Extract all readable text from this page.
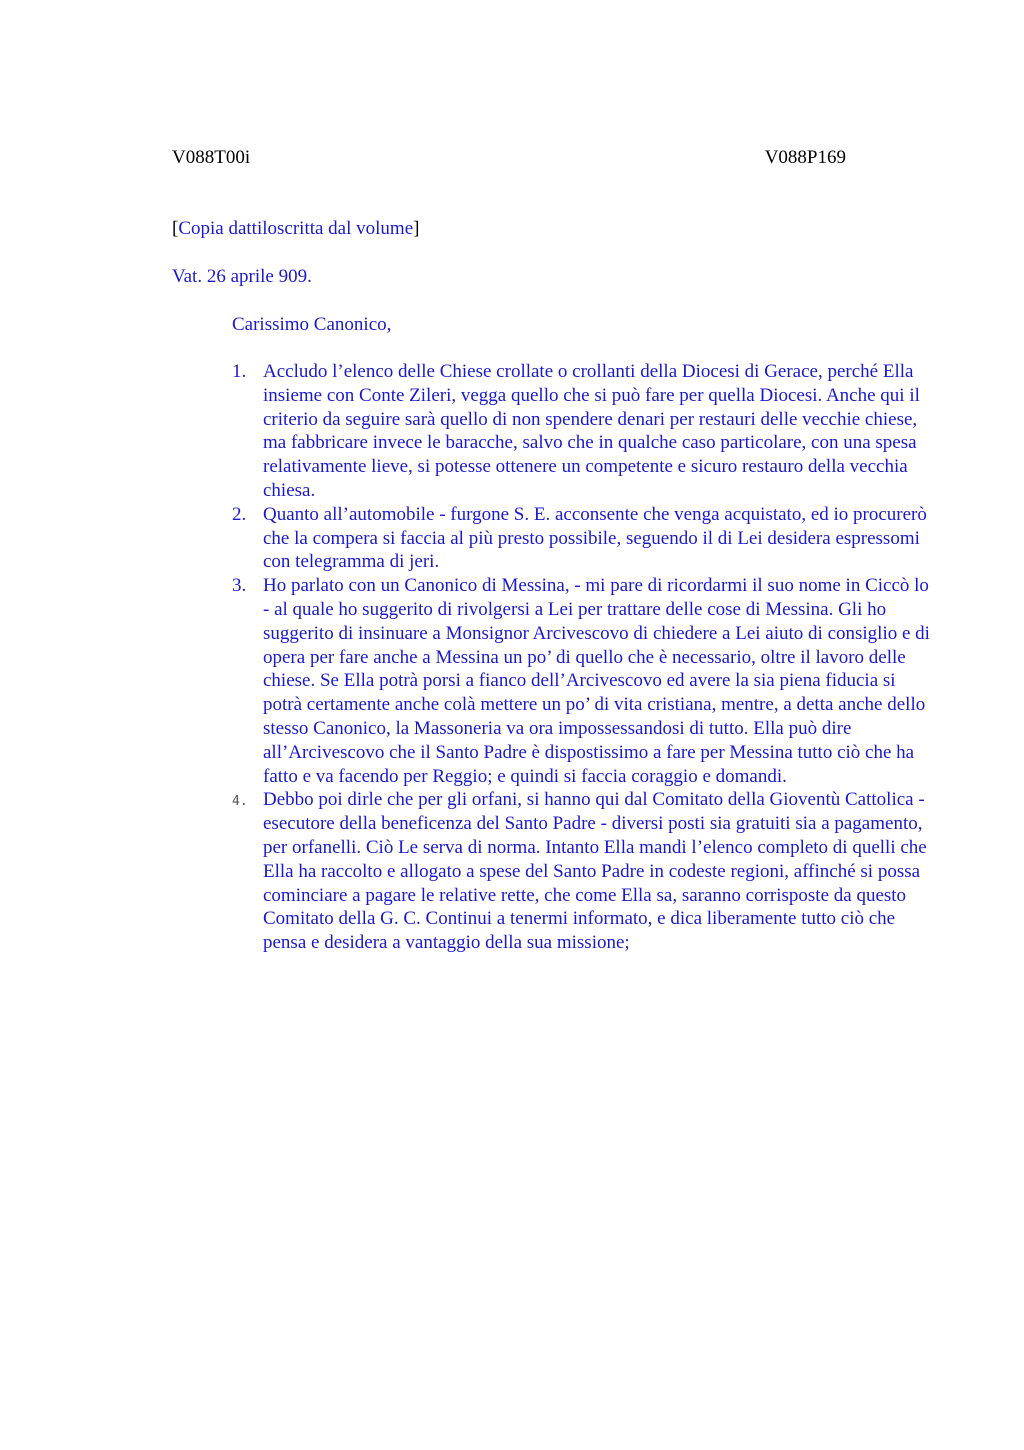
V088T00i	V088P169
[Copia dattiloscritta dal volume]
Vat. 26 aprile 909.
Carissimo Canonico,
1. Accludo l’elenco delle Chiese crollate o crollanti della Diocesi di Gerace, perché Ella insieme con Conte Zileri, vegga quello che si può fare per quella Diocesi. Anche qui il criterio da seguire sarà quello di non spendere denari per restauri delle vecchie chiese, ma fabbricare invece le baracche, salvo che in qualche caso particolare, con una spesa relativamente lieve, si potesse ottenere un competente e sicuro restauro della vecchia chiesa.
2. Quanto all’automobile - furgone S. E. acconsente che venga acquistato, ed io procurerò che la compera si faccia al più presto possibile, seguendo il di Lei desidera espressomi con telegramma di jeri.
3. Ho parlato con un Canonico di Messina, - mi pare di ricordarmi il suo nome in Ciccò lo - al quale ho suggerito di rivolgersi a Lei per trattare delle cose di Messina. Gli ho suggerito di insinuare a Monsignor Arcivescovo di chiedere a Lei aiuto di consiglio e di opera per fare anche a Messina un po’ di quello che è necessario, oltre il lavoro delle chiese. Se Ella potrà porsi a fianco dell’Arcivescovo ed avere la sia piena fiducia si potrà certamente anche colà mettere un po’ di vita cristiana, mentre, a detta anche dello stesso Canonico, la Massoneria va ora impossessandosi di tutto. Ella può dire all’Arcivescovo che il Santo Padre è dispostissimo a fare per Messina tutto ciò che ha fatto e va facendo per Reggio; e quindi si faccia coraggio e domandi.
4. Debbo poi dirle che per gli orfani, si hanno qui dal Comitato della Gioventù Cattolica - esecutore della beneficenza del Santo Padre - diversi posti sia gratuiti sia a pagamento, per orfanelli. Ciò Le serva di norma. Intanto Ella mandi l’elenco completo di quelli che Ella ha raccolto e allogato a spese del Santo Padre in codeste regioni, affinché si possa cominciare a pagare le relative rette, che come Ella sa, saranno corrisposte da questo Comitato della G. C. Continui a tenermi informato, e dica liberamente tutto ciò che pensa e desidera a vantaggio della sua missione;
